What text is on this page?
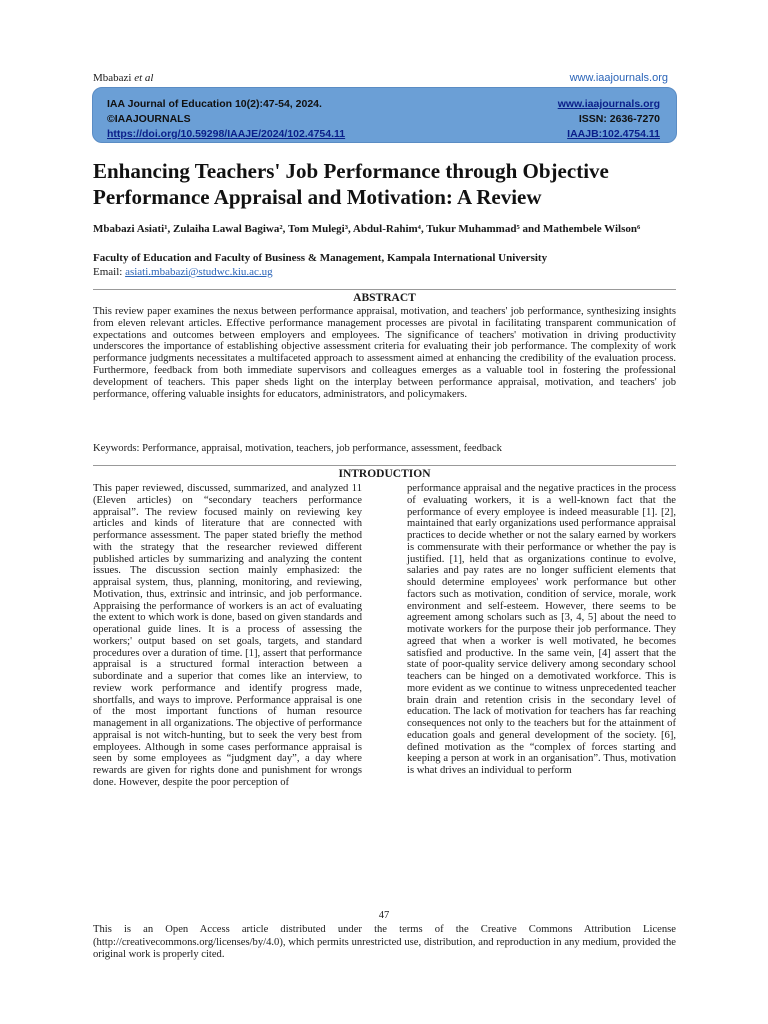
Mbabazi et al	www.iaajournals.org
IAA Journal of Education 10(2):47-54, 2024.
©IAAJOURNALS
https://doi.org/10.59298/IAAJE/2024/102.4754.11
www.iaajournals.org
ISSN: 2636-7270
IAAJB:102.4754.11
Enhancing Teachers' Job Performance through Objective Performance Appraisal and Motivation: A Review
Mbabazi Asiati¹, Zulaiha Lawal Bagiwa², Tom Mulegi³, Abdul-Rahim⁴, Tukur Muhammad⁵ and Mathembele Wilson⁶
Faculty of Education and Faculty of Business & Management, Kampala International University
Email: asiati.mbabazi@studwc.kiu.ac.ug
ABSTRACT
This review paper examines the nexus between performance appraisal, motivation, and teachers' job performance, synthesizing insights from eleven relevant articles. Effective performance management processes are pivotal in facilitating transparent communication of expectations and outcomes between employers and employees. The significance of teachers' motivation in driving productivity underscores the importance of establishing objective assessment criteria for evaluating their job performance. The complexity of work performance judgments necessitates a multifaceted approach to assessment aimed at enhancing the credibility of the evaluation process. Furthermore, feedback from both immediate supervisors and colleagues emerges as a valuable tool in fostering the professional development of teachers. This paper sheds light on the interplay between performance appraisal, motivation, and teachers' job performance, offering valuable insights for educators, administrators, and policymakers.
Keywords: Performance, appraisal, motivation, teachers, job performance, assessment, feedback
INTRODUCTION
This paper reviewed, discussed, summarized, and analyzed 11 (Eleven articles) on “secondary teachers performance appraisal”. The review focused mainly on reviewing key articles and kinds of literature that are connected with performance assessment. The paper stated briefly the method with the strategy that the researcher reviewed different published articles by summarizing and analyzing the content issues. The discussion section mainly emphasized: the appraisal system, thus, planning, monitoring, and reviewing, Motivation, thus, extrinsic and intrinsic, and job performance. Appraising the performance of workers is an act of evaluating the extent to which work is done, based on given standards and operational guide lines. It is a process of assessing the workers;' output based on set goals, targets, and standard procedures over a duration of time. [1], assert that performance appraisal is a structured formal interaction between a subordinate and a superior that comes like an interview, to review work performance and identify progress made, shortfalls, and ways to improve. Performance appraisal is one of the most important functions of human resource management in all organizations. The objective of performance appraisal is not witch-hunting, but to seek the very best from employees. Although in some cases performance appraisal is seen by some employees as “judgment day”, a day where rewards are given for rights done and punishment for wrongs done. However, despite the poor perception of
performance appraisal and the negative practices in the process of evaluating workers, it is a well-known fact that the performance of every employee is indeed measurable [1]. [2], maintained that early organizations used performance appraisal practices to decide whether or not the salary earned by workers is commensurate with their performance or whether the pay is justified. [1], held that as organizations continue to evolve, salaries and pay rates are no longer sufficient elements that should determine employees' work performance but other factors such as motivation, condition of service, morale, work environment and self-esteem. However, there seems to be agreement among scholars such as [3, 4, 5] about the need to motivate workers for the purpose their job performance. They agreed that when a worker is well motivated, he becomes satisfied and productive. In the same vein, [4] assert that the state of poor-quality service delivery among secondary school teachers can be hinged on a demotivated workforce. This is more evident as we continue to witness unprecedented teacher brain drain and retention crisis in the secondary level of education. The lack of motivation for teachers has far reaching consequences not only to the teachers but for the attainment of education goals and general development of the society. [6], defined motivation as the “complex of forces starting and keeping a person at work in an organisation”. Thus, motivation is what drives an individual to perform
47
This is an Open Access article distributed under the terms of the Creative Commons Attribution License (http://creativecommons.org/licenses/by/4.0), which permits unrestricted use, distribution, and reproduction in any medium, provided the original work is properly cited.
